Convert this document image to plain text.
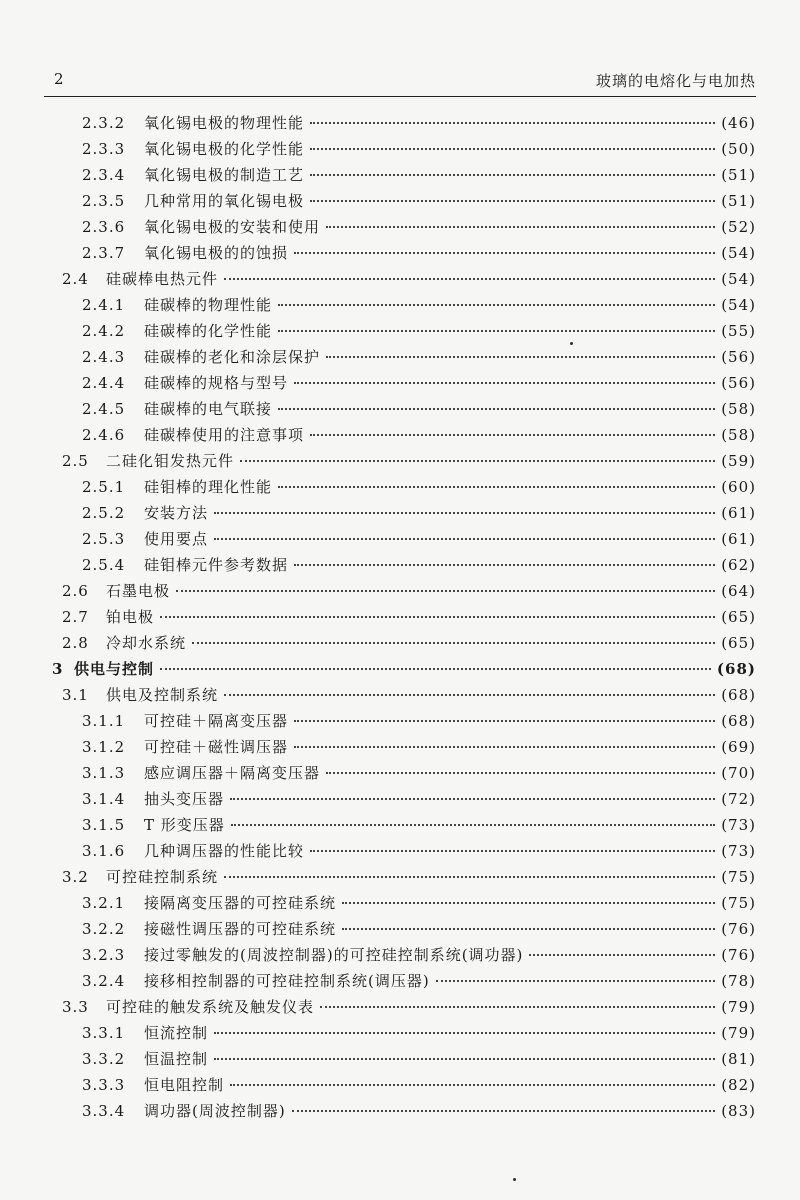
2	玻璃的电熔化与电加热
2.3.2	氧化锡电极的物理性能	(46)
2.3.3	氧化锡电极的化学性能	(50)
2.3.4	氧化锡电极的制造工艺	(51)
2.3.5	几种常用的氧化锡电极	(51)
2.3.6	氧化锡电极的安装和使用	(52)
2.3.7	氧化锡电极的的蚀损	(54)
2.4	硅碳棒电热元件	(54)
2.4.1	硅碳棒的物理性能	(54)
2.4.2	硅碳棒的化学性能	(55)
2.4.3	硅碳棒的老化和涂层保护	(56)
2.4.4	硅碳棒的规格与型号	(56)
2.4.5	硅碳棒的电气联接	(58)
2.4.6	硅碳棒使用的注意事项	(58)
2.5	二硅化钼发热元件	(59)
2.5.1	硅钼棒的理化性能	(60)
2.5.2	安装方法	(61)
2.5.3	使用要点	(61)
2.5.4	硅钼棒元件参考数据	(62)
2.6	石墨电极	(64)
2.7	铂电极	(65)
2.8	冷却水系统	(65)
3 供电与控制	(68)
3.1	供电及控制系统	(68)
3.1.1	可控硅＋隔离变压器	(68)
3.1.2	可控硅＋磁性调压器	(69)
3.1.3	感应调压器＋隔离变压器	(70)
3.1.4	抽头变压器	(72)
3.1.5	T 形变压器	(73)
3.1.6	几种调压器的性能比较	(73)
3.2	可控硅控制系统	(75)
3.2.1	接隔离变压器的可控硅系统	(75)
3.2.2	接磁性调压器的可控硅系统	(76)
3.2.3	接过零触发的(周波控制器)的可控硅控制系统(调功器)	(76)
3.2.4	接移相控制器的可控硅控制系统(调压器)	(78)
3.3	可控硅的触发系统及触发仪表	(79)
3.3.1	恒流控制	(79)
3.3.2	恒温控制	(81)
3.3.3	恒电阻控制	(82)
3.3.4	调功器(周波控制器)	(83)
